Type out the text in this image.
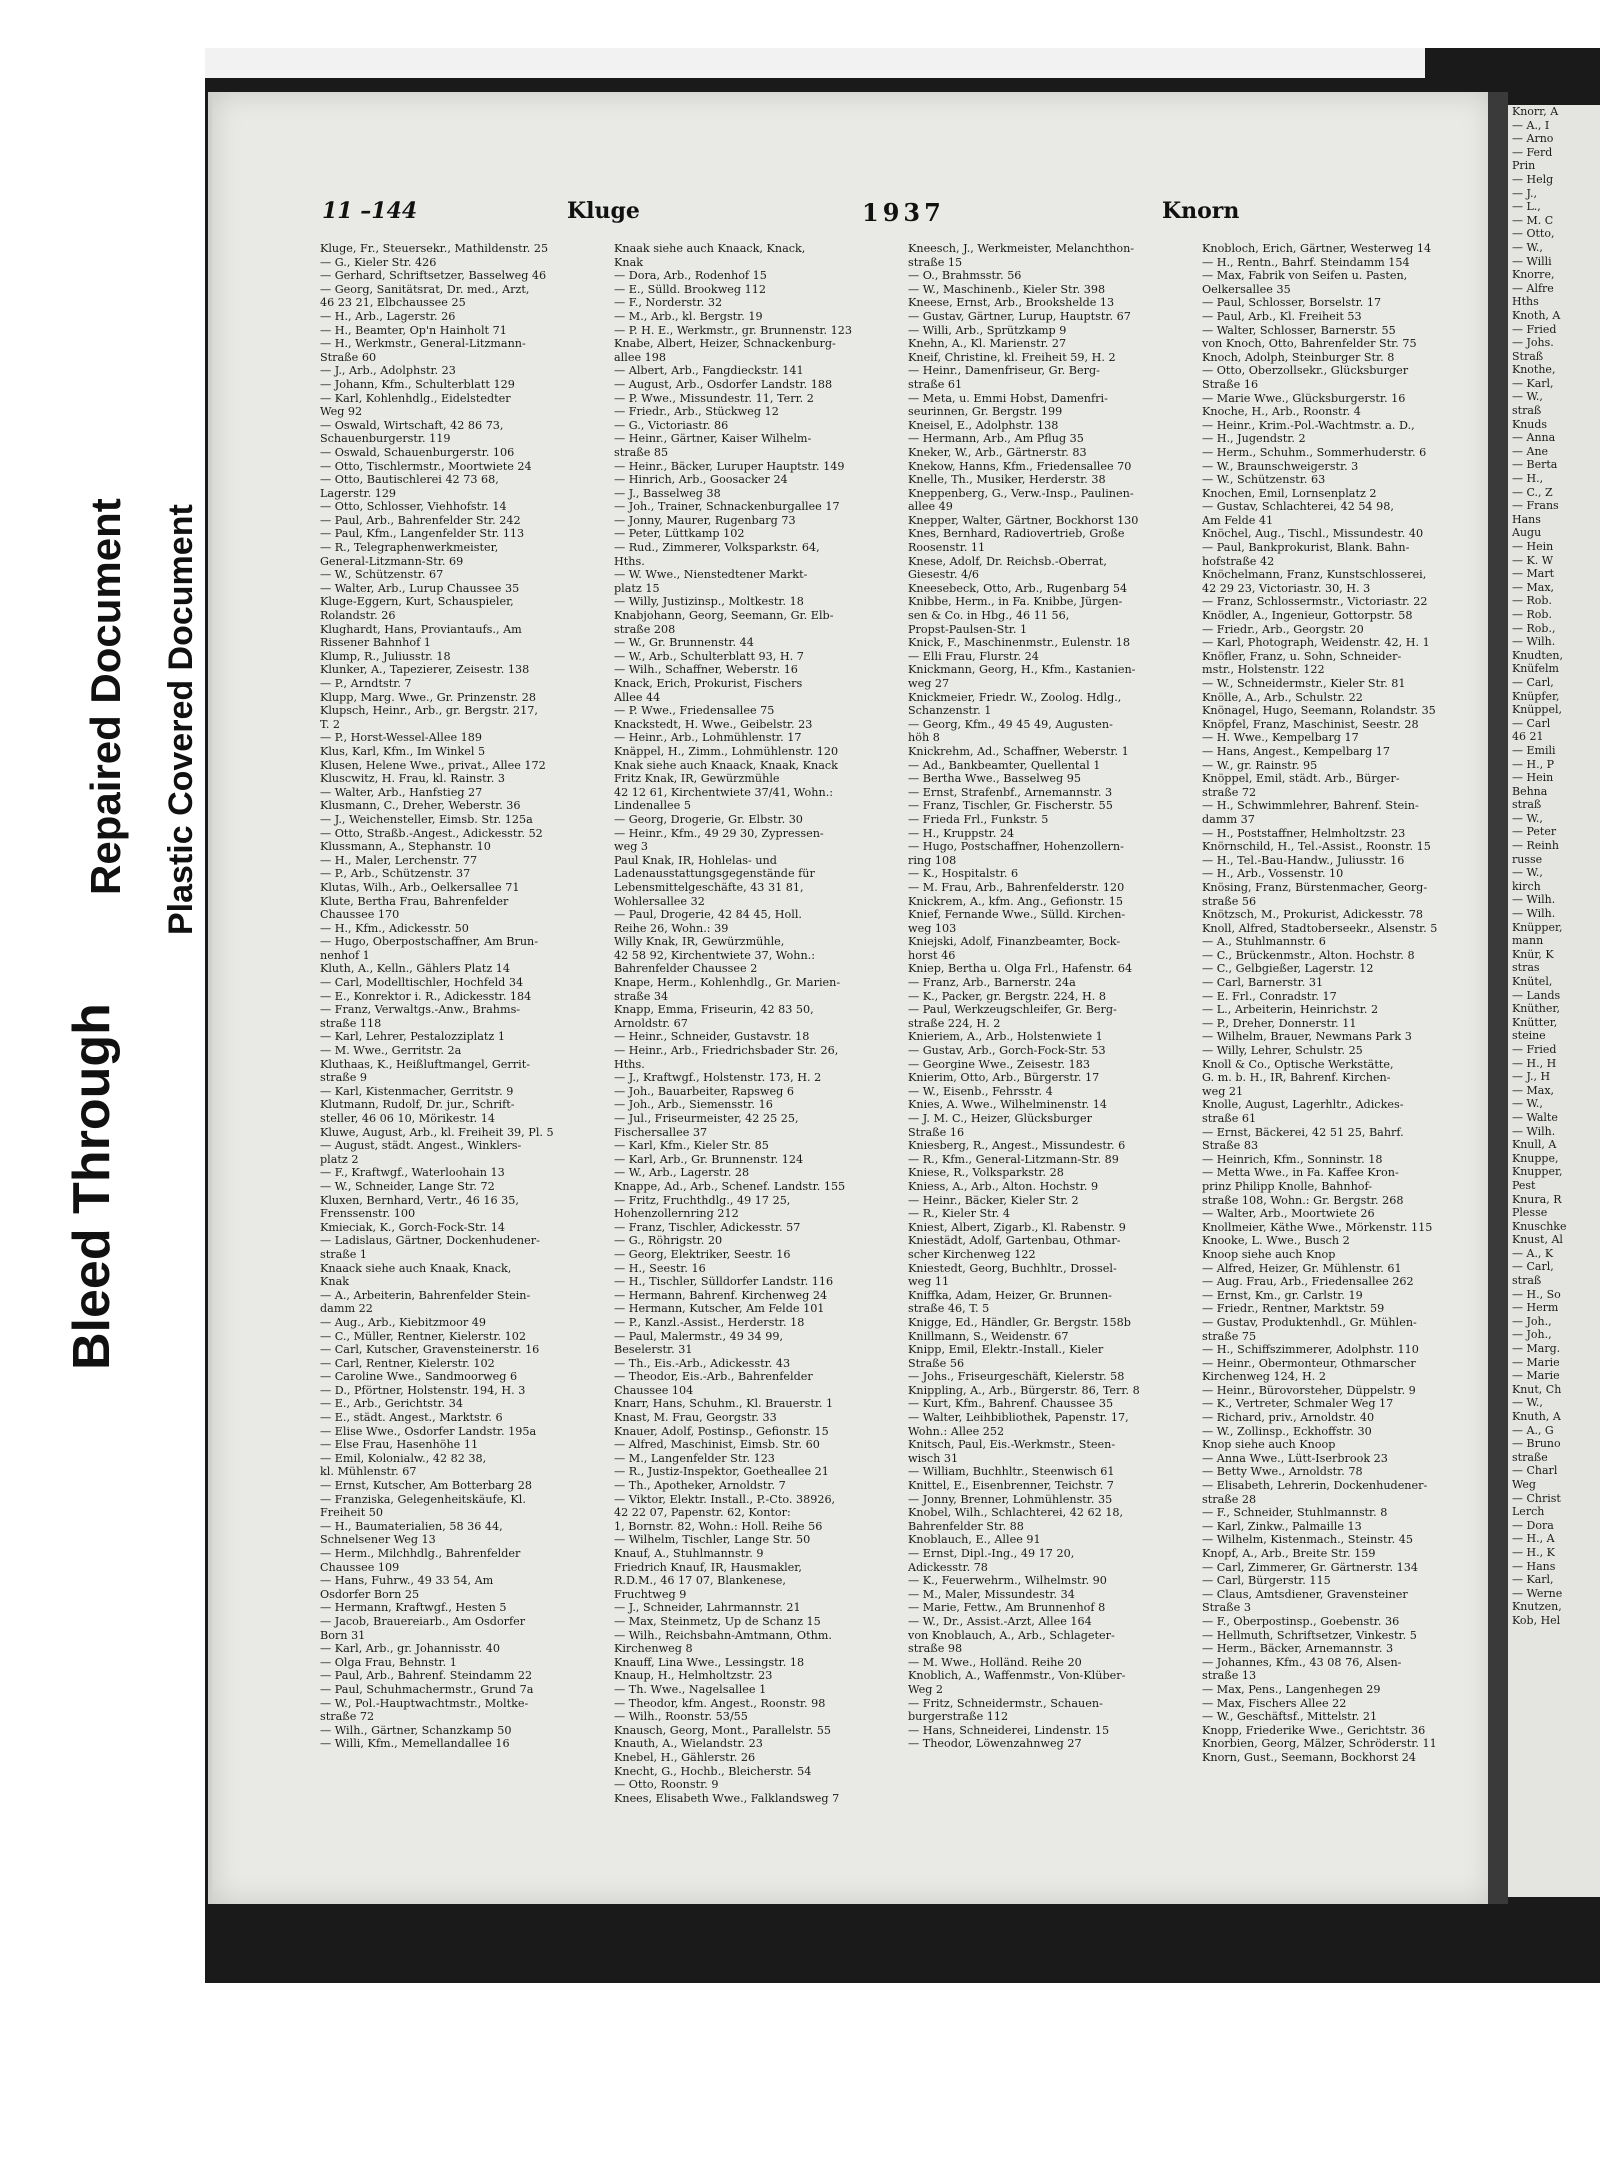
Bleed Through
Repaired Document Plastic Covered Document
11 –144	Kluge	1937	Knorn
Kluge, Fr., Steuersekr., Mathildenstr. 25
— G., Kieler Str. 426
— Gerhard, Schriftsetzer, Basselweg 46
— Georg, Sanitätsrat, Dr. med., Arzt,
46 23 21, Elbchaussee 25
— H., Arb., Lagerstr. 26
— H., Beamter, Op'n Hainholt 71
— H., Werkmstr., General-Litzmann-
Straße 60
— J., Arb., Adolphstr. 23
— Johann, Kfm., Schulterblatt 129
— Karl, Kohlenhdlg., Eidelstedter
Weg 92
— Oswald, Wirtschaft, 42 86 73,
Schauenburgerstr. 119
— Oswald, Schauenburgerstr. 106
— Otto, Tischlermstr., Moortwiete 24
— Otto, Bautischlerei 42 73 68,
Lagerstr. 129
— Otto, Schlosser, Viehhofstr. 14
— Paul, Arb., Bahrenfelder Str. 242
— Paul, Kfm., Langenfelder Str. 113
— R., Telegraphenwerkmeister,
General-Litzmann-Str. 69
— W., Schützenstr. 67
— Walter, Arb., Lurup Chaussee 35
Kluge-Eggern, Kurt, Schauspieler,
Rolandstr. 26
Klughardt, Hans, Proviantaufs., Am
Rissener Bahnhof 1
Klump, R., Juliusstr. 18
Klunker, A., Tapezierer, Zeisestr. 138
— P., Arndtstr. 7
Klupp, Marg. Wwe., Gr. Prinzenstr. 28
Klupsch, Heinr., Arb., gr. Bergstr. 217,
T. 2
— P., Horst-Wessel-Allee 189
Klus, Karl, Kfm., Im Winkel 5
Klusen, Helene Wwe., privat., Allee 172
Kluscwitz, H. Frau, kl. Rainstr. 3
— Walter, Arb., Hanfstieg 27
Klusmann, C., Dreher, Weberstr. 36
— J., Weichensteller, Eimsb. Str. 125a
— Otto, Straßb.-Angest., Adickesstr. 52
Klussmann, A., Stephanstr. 10
— H., Maler, Lerchenstr. 77
— P., Arb., Schützenstr. 37
Klutas, Wilh., Arb., Oelkersallee 71
Klute, Bertha Frau, Bahrenfelder
Chaussee 170
— H., Kfm., Adickesstr. 50
— Hugo, Oberpostschaffner, Am Brun-
nenhof 1
Kluth, A., Kelln., Gählers Platz 14
— Carl, Modelltischler, Hochfeld 34
— E., Konrektor i. R., Adickesstr. 184
— Franz, Verwaltgs.-Anw., Brahms-
straße 118
— Karl, Lehrer, Pestalozziplatz 1
— M. Wwe., Gerritstr. 2a
Kluthaas, K., Heißluftmangel, Gerrit-
straße 9
— Karl, Kistenmacher, Gerritstr. 9
Klutmann, Rudolf, Dr. jur., Schrift-
steller, 46 06 10, Mörikestr. 14
Kluwe, August, Arb., kl. Freiheit 39, Pl. 5
— August, städt. Angest., Winklers-
platz 2
— F., Kraftwgf., Waterloohain 13
— W., Schneider, Lange Str. 72
Kluxen, Bernhard, Vertr., 46 16 35,
Frenssenstr. 100
Kmieciak, K., Gorch-Fock-Str. 14
— Ladislaus, Gärtner, Dockenhudener-
straße 1
Knaack siehe auch Knaak, Knack,
Knak
— A., Arbeiterin, Bahrenfelder Stein-
damm 22
— Aug., Arb., Kiebitzmoor 49
— C., Müller, Rentner, Kielerstr. 102
— Carl, Kutscher, Gravensteinerstr. 16
— Carl, Rentner, Kielerstr. 102
— Caroline Wwe., Sandmoorweg 6
— D., Pförtner, Holstenstr. 194, H. 3
— E., Arb., Gerichtstr. 34
— E., städt. Angest., Marktstr. 6
— Elise Wwe., Osdorfer Landstr. 195a
— Else Frau, Hasenhöhe 11
— Emil, Kolonialw., 42 82 38,
kl. Mühlenstr. 67
— Ernst, Kutscher, Am Botterbarg 28
— Franziska, Gelegenheitskäufe, Kl.
Freiheit 50
— H., Baumaterialien, 58 36 44,
Schnelsener Weg 13
— Herm., Milchhdlg., Bahrenfelder
Chaussee 109
— Hans, Fuhrw., 49 33 54, Am
Osdorfer Born 25
— Hermann, Kraftwgf., Hesten 5
— Jacob, Brauereiarb., Am Osdorfer
Born 31
— Karl, Arb., gr. Johannisstr. 40
— Olga Frau, Behnstr. 1
— Paul, Arb., Bahrenf. Steindamm 22
— Paul, Schuhmachermstr., Grund 7a
— W., Pol.-Hauptwachtmstr., Moltke-
straße 72
— Wilh., Gärtner, Schanzkamp 50
— Willi, Kfm., Memellandallee 16
Knaak siehe auch Knaack, Knack,
Knak
— Dora, Arb., Rodenhof 15
— E., Sülld. Brookweg 112
— F., Norderstr. 32
— M., Arb., kl. Bergstr. 19
— P. H. E., Werkmstr., gr. Brunnenstr. 123
Knabe, Albert, Heizer, Schnackenburg-
allee 198
— Albert, Arb., Fangdieckstr. 141
— August, Arb., Osdorfer Landstr. 188
— P. Wwe., Missundestr. 11, Terr. 2
— Friedr., Arb., Stückweg 12
— G., Victoriastr. 86
— Heinr., Gärtner, Kaiser Wilhelm-
straße 85
— Heinr., Bäcker, Luruper Hauptstr. 149
— Hinrich, Arb., Goosacker 24
— J., Basselweg 38
— Joh., Trainer, Schnackenburgallee 17
— Jonny, Maurer, Rugenbarg 73
— Peter, Lüttkamp 102
— Rud., Zimmerer, Volksparkstr. 64,
Hths.
— W. Wwe., Nienstedtener Markt-
platz 15
— Willy, Justizinsp., Moltkestr. 18
Knabjohann, Georg, Seemann, Gr. Elb-
straße 208
— W., Gr. Brunnenstr. 44
— W., Arb., Schulterblatt 93, H. 7
— Wilh., Schaffner, Weberstr. 16
Knack, Erich, Prokurist, Fischers
Allee 44
— P. Wwe., Friedensallee 75
Knackstedt, H. Wwe., Geibelstr. 23
— Heinr., Arb., Lohmühlenstr. 17
Knäppel, H., Zimm., Lohmühlenstr. 120
Knak siehe auch Knaack, Knaak, Knack
Fritz Knak, IR, Gewürzmühle
42 12 61, Kirchentwiete 37/41, Wohn.:
Lindenallee 5
— Georg, Drogerie, Gr. Elbstr. 30
— Heinr., Kfm., 49 29 30, Zypressen-
weg 3
Paul Knak, IR, Hohlelas- und
Ladenausstattungsgegenstände für
Lebensmittelgeschäfte, 43 31 81,
Wohlersallee 32
— Paul, Drogerie, 42 84 45, Holl.
Reihe 26, Wohn.: 39
Willy Knak, IR, Gewürzmühle,
42 58 92, Kirchentwiete 37, Wohn.:
Bahrenfelder Chaussee 2
Knape, Herm., Kohlenhdlg., Gr. Marien-
straße 34
Knapp, Emma, Friseurin, 42 83 50,
Arnoldstr. 67
— Heinr., Schneider, Gustavstr. 18
— Heinr., Arb., Friedrichsbader Str. 26,
Hths.
— J., Kraftwgf., Holstenstr. 173, H. 2
— Joh., Bauarbeiter, Rapsweg 6
— Joh., Arb., Siemensstr. 16
— Jul., Friseurmeister, 42 25 25,
Fischersallee 37
— Karl, Kfm., Kieler Str. 85
— Karl, Arb., Gr. Brunnenstr. 124
— W., Arb., Lagerstr. 28
Knappe, Ad., Arb., Schenef. Landstr. 155
— Fritz, Fruchthdlg., 49 17 25,
Hohenzollernring 212
— Franz, Tischler, Adickesstr. 57
— G., Röhrigstr. 20
— Georg, Elektriker, Seestr. 16
— H., Seestr. 16
— H., Tischler, Sülldorfer Landstr. 116
— Hermann, Bahrenf. Kirchenweg 24
— Hermann, Kutscher, Am Felde 101
— P., Kanzl.-Assist., Herderstr. 18
— Paul, Malermstr., 49 34 99,
Beselerstr. 31
— Th., Eis.-Arb., Adickesstr. 43
— Theodor, Eis.-Arb., Bahrenfelder
Chaussee 104
Knarr, Hans, Schuhm., Kl. Brauerstr. 1
Knast, M. Frau, Georgstr. 33
Knauer, Adolf, Postinsp., Gefionstr. 15
— Alfred, Maschinist, Eimsb. Str. 60
— M., Langenfelder Str. 123
— R., Justiz-Inspektor, Goetheallee 21
— Th., Apotheker, Arnoldstr. 7
— Viktor, Elektr. Install., P.-Cto. 38926,
42 22 07, Papenstr. 62, Kontor:
1, Bornstr. 82, Wohn.: Holl. Reihe 56
— Wilhelm, Tischler, Lange Str. 50
Knauf, A., Stuhlmannstr. 9
Friedrich Knauf, IR, Hausmakler,
R.D.M., 46 17 07, Blankenese,
Fruchtweg 9
— J., Schneider, Lahrmannstr. 21
— Max, Steinmetz, Up de Schanz 15
— Wilh., Reichsbahn-Amtmann, Othm.
Kirchenweg 8
Knauff, Lina Wwe., Lessingstr. 18
Knaup, H., Helmholtzstr. 23
— Th. Wwe., Nagelsallee 1
— Theodor, kfm. Angest., Roonstr. 98
— Wilh., Roonstr. 53/55
Knausch, Georg, Mont., Parallelstr. 55
Knauth, A., Wielandstr. 23
Knebel, H., Gählerstr. 26
Knecht, G., Hochb., Bleicherstr. 54
— Otto, Roonstr. 9
Knees, Elisabeth Wwe., Falklandsweg 7
Kneesch, J., Werkmeister, Melanchthon-
straße 15
— O., Brahmsstr. 56
— W., Maschinenb., Kieler Str. 398
Kneese, Ernst, Arb., Brookshelde 13
— Gustav, Gärtner, Lurup, Hauptstr. 67
— Willi, Arb., Sprützkamp 9
Knehn, A., Kl. Marienstr. 27
Kneif, Christine, kl. Freiheit 59, H. 2
— Heinr., Damenfriseur, Gr. Berg-
straße 61
— Meta, u. Emmi Hobst, Damenfri-
seurinnen, Gr. Bergstr. 199
Kneisel, E., Adolphstr. 138
— Hermann, Arb., Am Pflug 35
Kneker, W., Arb., Gärtnerstr. 83
Knekow, Hanns, Kfm., Friedensallee 70
Knelle, Th., Musiker, Herderstr. 38
Kneppenberg, G., Verw.-Insp., Paulinen-
allee 49
Knepper, Walter, Gärtner, Bockhorst 130
Knes, Bernhard, Radiovertrieb, Große
Roosenstr. 11
Knese, Adolf, Dr. Reichsb.-Oberrat,
Giesestr. 4/6
Kneesebeck, Otto, Arb., Rugenbarg 54
Knibbe, Herm., in Fa. Knibbe, Jürgen-
sen & Co. in Hbg., 46 11 56,
Propst-Paulsen-Str. 1
Knick, F., Maschinenmstr., Eulenstr. 18
— Elli Frau, Flurstr. 24
Knickmann, Georg, H., Kfm., Kastanien-
weg 27
Knickmeier, Friedr. W., Zoolog. Hdlg.,
Schanzenstr. 1
— Georg, Kfm., 49 45 49, Augusten-
höh 8
Knickrehm, Ad., Schaffner, Weberstr. 1
— Ad., Bankbeamter, Quellental 1
— Bertha Wwe., Basselweg 95
— Ernst, Strafenbf., Arnemannstr. 3
— Franz, Tischler, Gr. Fischerstr. 55
— Frieda Frl., Funkstr. 5
— H., Kruppstr. 24
— Hugo, Postschaffner, Hohenzollern-
ring 108
— K., Hospitalstr. 6
— M. Frau, Arb., Bahrenfelderstr. 120
Knickrem, A., kfm. Ang., Gefionstr. 15
Knief, Fernande Wwe., Sülld. Kirchen-
weg 103
Kniejski, Adolf, Finanzbeamter, Bock-
horst 46
Kniep, Bertha u. Olga Frl., Hafenstr. 64
— Franz, Arb., Barnerstr. 24a
— K., Packer, gr. Bergstr. 224, H. 8
— Paul, Werkzeugschleifer, Gr. Berg-
straße 224, H. 2
Knieriem, A., Arb., Holstenwiete 1
— Gustav, Arb., Gorch-Fock-Str. 53
— Georgine Wwe., Zeisestr. 183
Knierim, Otto, Arb., Bürgerstr. 17
— W., Eisenb., Fehrsstr. 4
Knies, A. Wwe., Wilhelminenstr. 14
— J. M. C., Heizer, Glücksburger
Straße 16
Kniesberg, R., Angest., Missundestr. 6
— R., Kfm., General-Litzmann-Str. 89
Kniese, R., Volksparkstr. 28
Kniess, A., Arb., Alton. Hochstr. 9
— Heinr., Bäcker, Kieler Str. 2
— R., Kieler Str. 4
Kniest, Albert, Zigarb., Kl. Rabenstr. 9
Kniestädt, Adolf, Gartenbau, Othmar-
scher Kirchenweg 122
Kniestedt, Georg, Buchhltr., Drossel-
weg 11
Kniffka, Adam, Heizer, Gr. Brunnen-
straße 46, T. 5
Knigge, Ed., Händler, Gr. Bergstr. 158b
Knillmann, S., Weidenstr. 67
Knipp, Emil, Elektr.-Install., Kieler
Straße 56
— Johs., Friseurgeschäft, Kielerstr. 58
Knippling, A., Arb., Bürgerstr. 86, Terr. 8
— Kurt, Kfm., Bahrenf. Chaussee 35
— Walter, Leihbibliothek, Papenstr. 17,
Wohn.: Allee 252
Knitsch, Paul, Eis.-Werkmstr., Steen-
wisch 31
— William, Buchhltr., Steenwisch 61
Knittel, E., Eisenbrenner, Teichstr. 7
— Jonny, Brenner, Lohmühlenstr. 35
Knobel, Wilh., Schlachterei, 42 62 18,
Bahrenfelder Str. 88
Knoblauch, E., Allee 91
— Ernst, Dipl.-Ing., 49 17 20,
Adickesstr. 78
— K., Feuerwehrm., Wilhelmstr. 90
— M., Maler, Missundestr. 34
— Marie, Fettw., Am Brunnenhof 8
— W., Dr., Assist.-Arzt, Allee 164
von Knoblauch, A., Arb., Schlageter-
straße 98
— M. Wwe., Holländ. Reihe 20
Knoblich, A., Waffenmstr., Von-Klüber-
Weg 2
— Fritz, Schneidermstr., Schauen-
burgerstraße 112
— Hans, Schneiderei, Lindenstr. 15
— Theodor, Löwenzahnweg 27
Knobloch, Erich, Gärtner, Westerweg 14
— H., Rentn., Bahrf. Steindamm 154
— Max, Fabrik von Seifen u. Pasten,
Oelkersallee 35
— Paul, Schlosser, Borselstr. 17
— Paul, Arb., Kl. Freiheit 53
— Walter, Schlosser, Barnerstr. 55
von Knoch, Otto, Bahrenfelder Str. 75
Knoch, Adolph, Steinburger Str. 8
— Otto, Oberzollsekr., Glücksburger
Straße 16
— Marie Wwe., Glücksburgerstr. 16
Knoche, H., Arb., Roonstr. 4
— Heinr., Krim.-Pol.-Wachtmstr. a. D.,
— H., Jugendstr. 2
— Herm., Schuhm., Sommerhuderstr. 6
— W., Braunschweigerstr. 3
— W., Schützenstr. 63
Knochen, Emil, Lornsenplatz 2
— Gustav, Schlachterei, 42 54 98,
Am Felde 41
Knöchel, Aug., Tischl., Missundestr. 40
— Paul, Bankprokurist, Blank. Bahn-
hofstraße 42
Knöchelmann, Franz, Kunstschlosserei,
42 29 23, Victoriastr. 30, H. 3
— Franz, Schlossermstr., Victoriastr. 22
Knödler, A., Ingenieur, Gottorpstr. 58
— Friedr., Arb., Georgstr. 20
— Karl, Photograph, Weidenstr. 42, H. 1
Knöfler, Franz, u. Sohn, Schneider-
mstr., Holstenstr. 122
— W., Schneidermstr., Kieler Str. 81
Knölle, A., Arb., Schulstr. 22
Knönagel, Hugo, Seemann, Rolandstr. 35
Knöpfel, Franz, Maschinist, Seestr. 28
— H. Wwe., Kempelbarg 17
— Hans, Angest., Kempelbarg 17
— W., gr. Rainstr. 95
Knöppel, Emil, städt. Arb., Bürger-
straße 72
— H., Schwimmlehrer, Bahrenf. Stein-
damm 37
— H., Poststaffner, Helmholtzstr. 23
Knörnschild, H., Tel.-Assist., Roonstr. 15
— H., Tel.-Bau-Handw., Juliusstr. 16
— H., Arb., Vossenstr. 10
Knösing, Franz, Bürstenmacher, Georg-
straße 56
Knötzsch, M., Prokurist, Adickesstr. 78
Knoll, Alfred, Stadtoberseekr., Alsenstr. 5
— A., Stuhlmannstr. 6
— C., Brückenmstr., Alton. Hochstr. 8
— C., Gelbgießer, Lagerstr. 12
— Carl, Barnerstr. 31
— E. Frl., Conradstr. 17
— L., Arbeiterin, Heinrichstr. 2
— P., Dreher, Donnerstr. 11
— Wilhelm, Brauer, Newmans Park 3
— Willy, Lehrer, Schulstr. 25
Knoll & Co., Optische Werkstätte,
G. m. b. H., IR, Bahrenf. Kirchen-
weg 21
Knolle, August, Lagerhltr., Adickes-
straße 61
— Ernst, Bäckerei, 42 51 25, Bahrf.
Straße 83
— Heinrich, Kfm., Sonninstr. 18
— Metta Wwe., in Fa. Kaffee Kron-
prinz Philipp Knolle, Bahnhof-
straße 108, Wohn.: Gr. Bergstr. 268
— Walter, Arb., Moortwiete 26
Knollmeier, Käthe Wwe., Mörkenstr. 115
Knooke, L. Wwe., Busch 2
Knoop siehe auch Knop
— Alfred, Heizer, Gr. Mühlenstr. 61
— Aug. Frau, Arb., Friedensallee 262
— Ernst, Km., gr. Carlstr. 19
— Friedr., Rentner, Marktstr. 59
— Gustav, Produktenhdl., Gr. Mühlen-
straße 75
— H., Schiffszimmerer, Adolphstr. 110
— Heinr., Obermonteur, Othmarscher
Kirchenweg 124, H. 2
— Heinr., Bürovorsteher, Düppelstr. 9
— K., Vertreter, Schmaler Weg 17
— Richard, priv., Arnoldstr. 40
— W., Zollinsp., Eckhoffstr. 30
Knop siehe auch Knoop
— Anna Wwe., Lütt-Iserbrook 23
— Betty Wwe., Arnoldstr. 78
— Elisabeth, Lehrerin, Dockenhudener-
straße 28
— F., Schneider, Stuhlmannstr. 8
— Karl, Zinkw., Palmaille 13
— Wilhelm, Kistenmach., Steinstr. 45
Knopf, A., Arb., Breite Str. 159
— Carl, Zimmerer, Gr. Gärtnerstr. 134
— Carl, Bürgerstr. 115
— Claus, Amtsdiener, Gravensteiner
Straße 3
— F., Oberpostinsp., Goebenstr. 36
— Hellmuth, Schriftsetzer, Vinkestr. 5
— Herm., Bäcker, Arnemannstr. 3
— Johannes, Kfm., 43 08 76, Alsen-
straße 13
— Max, Pens., Langenhegen 29
— Max, Fischers Allee 22
— W., Geschäftsf., Mittelstr. 21
Knopp, Friederike Wwe., Gerichtstr. 36
Knorbien, Georg, Mälzer, Schröderstr. 11
Knorn, Gust., Seemann, Bockhorst 24
Knorr, A
— A., I
— Arno
— Ferd
Prin
— Helg
— J.,
— L.,
— M. C
— Otto,
— W.,
— Willi
Knorre,
— Alfre
Hths
Knoth, A
— Fried
— Johs.
Straß
Knothe,
— Karl,
— W.,
straß
Knuds
— Anna
— Ane
— Berta
— H.,
— C., Z
— Frans
Hans
Augu
— Hein
— K. W
— Mart
— Max,
— Rob.
— Rob.
— Rob.,
— Wilh.
Knudten,
Knüfelm
— Carl,
Knüpfer,
Knüppel,
— Carl
46 21
— Emili
— H., P
— Hein
Behna
straß
— W.,
— Peter
— Reinh
russe
— W.,
kirch
— Wilh.
— Wilh.
Knüpper,
mann
Knür, K
stras
Knütel,
— Lands
Knüther,
Knütter,
steine
— Fried
— H., H
— J., H
— Max,
— W.,
— Walte
— Wilh.
Knull, A
Knuppe,
Knupper,
Pest
Knura, R
Plesse
Knuschke
Knust, Al
— A., K
— Carl,
straß
— H., So
— Herm
— Joh.,
— Joh.,
— Marg.
— Marie
— Marie
Knut, Ch
— W.,
Knuth, A
— A., G
— Bruno
straße
— Charl
Weg
— Christ
Lerch
— Dora
— H., A
— H., K
— Hans
— Karl,
— Werne
Knutzen,
Kob, Hel
